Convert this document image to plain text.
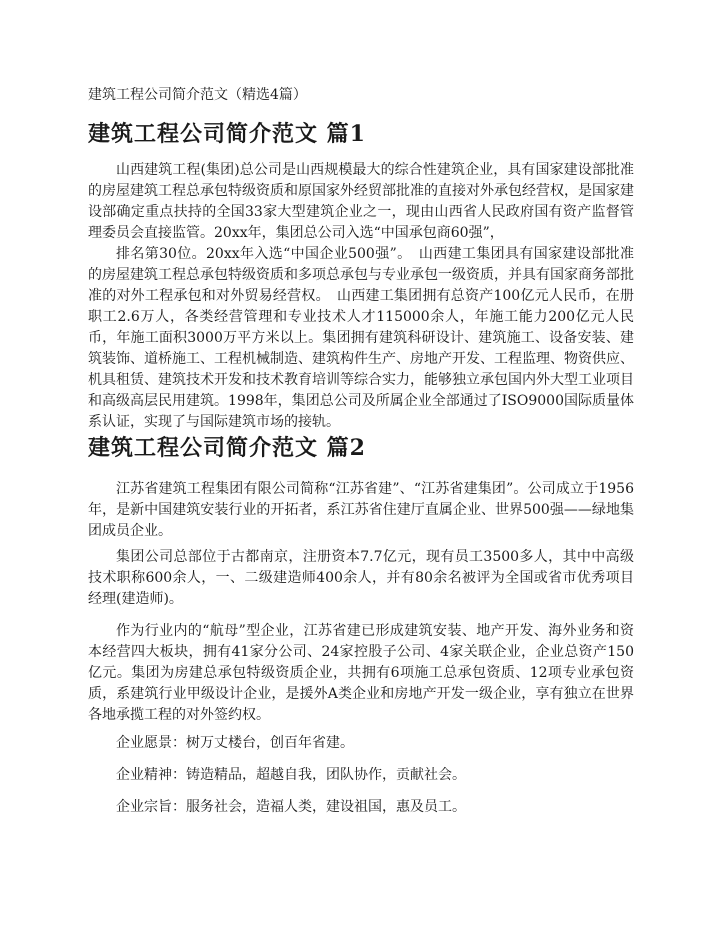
建筑工程公司简介范文（精选4篇）
建筑工程公司简介范文 篇1

山西建筑工程(集团)总公司是山西规模最大的综合性建筑企业，具有国家建设部批准的房屋建筑工程总承包特级资质和原国家外经贸部批准的直接对外承包经营权，是国家建设部确定重点扶持的全国33家大型建筑企业之一，现由山西省人民政府国有资产监督管理委员会直接监管。20xx年，集团总公司入选“中国承包商60强”，

排名第30位。20xx年入选“中国企业500强”。　山西建工集团具有国家建设部批准的房屋建筑工程总承包特级资质和多项总承包与专业承包一级资质，并具有国家商务部批准的对外工程承包和对外贸易经营权。　山西建工集团拥有总资产100亿元人民币，在册职工2.6万人，各类经营管理和专业技术人才115000余人，年施工能力200亿元人民币，年施工面积3000万平方米以上。集团拥有建筑科研设计、建筑施工、设备安装、建筑装饰、道桥施工、工程机械制造、建筑构件生产、房地产开发、工程监理、物资供应、机具租赁、建筑技术开发和技术教育培训等综合实力，能够独立承包国内外大型工业项目和高级高层民用建筑。1998年，集团总公司及所属企业全部通过了ISO9000国际质量体系认证，实现了与国际建筑市场的接轨。

建筑工程公司简介范文 篇2

江苏省建筑工程集团有限公司简称“江苏省建”、“江苏省建集团”。公司成立于1956年，是新中国建筑安装行业的开拓者，系江苏省住建厅直属企业、世界500强——绿地集团成员企业。

集团公司总部位于古都南京，注册资本7.7亿元，现有员工3500多人，其中中高级技术职称600余人，一、二级建造师400余人，并有80余名被评为全国或省市优秀项目经理(建造师)。

作为行业内的“航母”型企业，江苏省建已形成建筑安装、地产开发、海外业务和资本经营四大板块，拥有41家分公司、24家控股子公司、4家关联企业，企业总资产150亿元。集团为房建总承包特级资质企业，共拥有6项施工总承包资质、12项专业承包资质，系建筑行业甲级设计企业，是援外A类企业和房地产开发一级企业，享有独立在世界各地承揽工程的对外签约权。

企业愿景：树万丈楼台，创百年省建。

企业精神：铸造精品，超越自我，团队协作，贡献社会。

企业宗旨：服务社会，造福人类，建设祖国，惠及员工。
